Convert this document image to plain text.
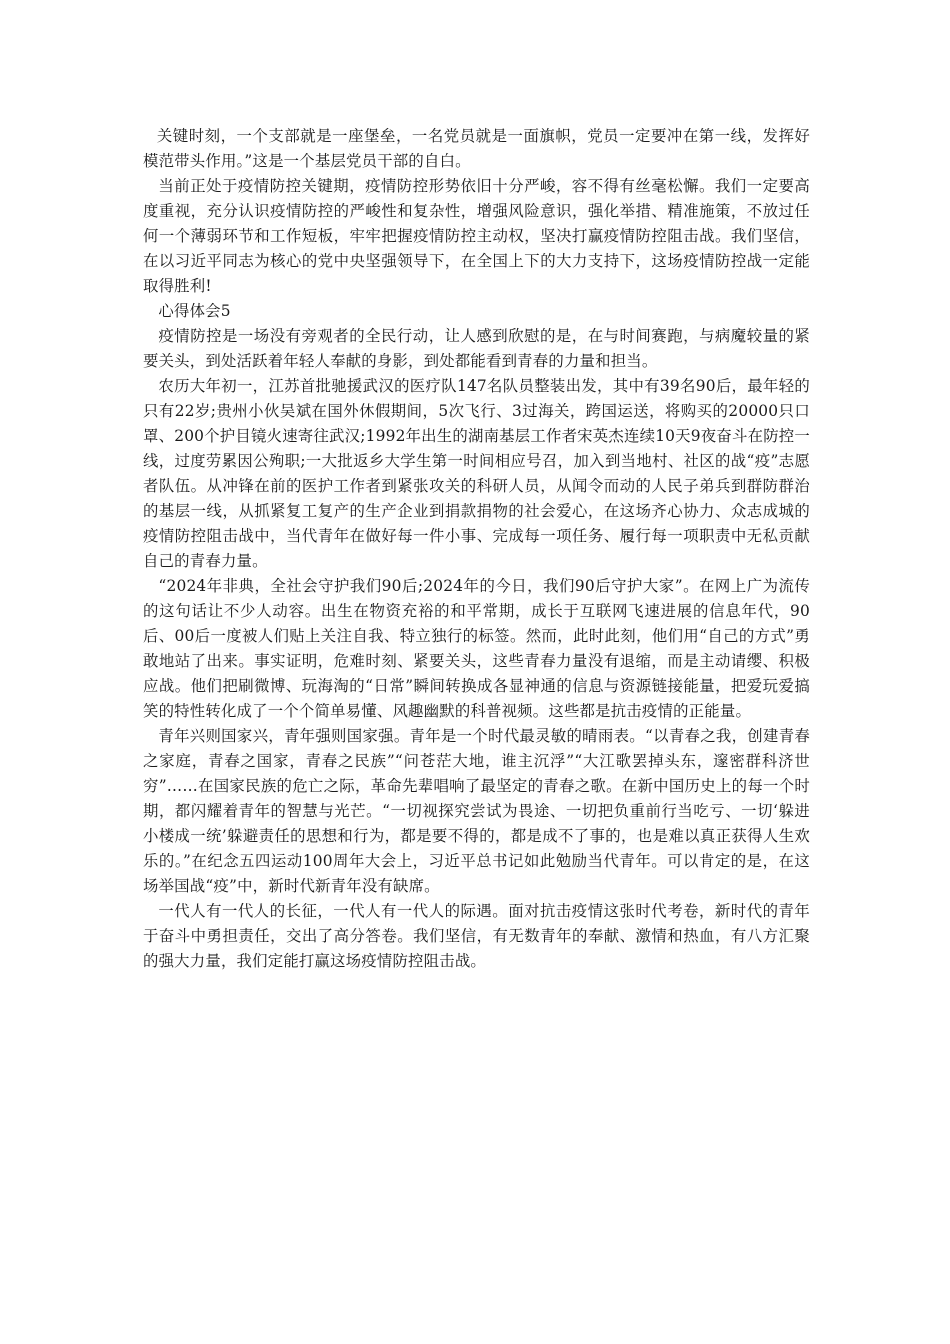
关键时刻，一个支部就是一座堡垒，一名党员就是一面旗帜，党员一定要冲在第一线，发挥好模范带头作用。”这是一个基层党员干部的自白。

当前正处于疫情防控关键期，疫情防控形势依旧十分严峻，容不得有丝毫松懈。我们一定要高度重视，充分认识疫情防控的严峻性和复杂性，增强风险意识，强化举措、精准施策，不放过任何一个薄弱环节和工作短板，牢牢把握疫情防控主动权，坚决打赢疫情防控阻击战。我们坚信，在以习近平同志为核心的党中央坚强领导下，在全国上下的大力支持下，这场疫情防控战一定能取得胜利!

心得体会5

疫情防控是一场没有旁观者的全民行动，让人感到欣慰的是，在与时间赛跑，与病魔较量的紧要关头，到处活跃着年轻人奉献的身影，到处都能看到青春的力量和担当。

农历大年初一，江苏首批驰援武汉的医疗队147名队员整装出发，其中有39名90后，最年轻的只有22岁;贵州小伙吴斌在国外休假期间，5次飞行、3过海关，跨国运送，将购买的20000只口罩、200个护目镜火速寄往武汉;1992年出生的湖南基层工作者宋英杰连续10天9夜奋斗在防控一线，过度劳累因公殉职;一大批返乡大学生第一时间相应号召，加入到当地村、社区的战“疫”志愿者队伍。从冲锋在前的医护工作者到紧张攻关的科研人员，从闻令而动的人民子弟兵到群防群治的基层一线，从抓紧复工复产的生产企业到捐款捐物的社会爱心，在这场齐心协力、众志成城的疫情防控阻击战中，当代青年在做好每一件小事、完成每一项任务、履行每一项职责中无私贡献自己的青春力量。

“2024年非典，全社会守护我们90后;2024年的今日，我们90后守护大家”。在网上广为流传的这句话让不少人动容。出生在物资充裕的和平常期，成长于互联网飞速进展的信息年代，90后、00后一度被人们贴上关注自我、特立独行的标签。然而，此时此刻，他们用“自己的方式”勇敢地站了出来。事实证明，危难时刻、紧要关头，这些青春力量没有退缩，而是主动请缨、积极应战。他们把刷微博、玩海淘的“日常”瞬间转换成各显神通的信息与资源链接能量，把爱玩爱搞笑的特性转化成了一个个简单易懂、风趣幽默的科普视频。这些都是抗击疫情的正能量。

青年兴则国家兴，青年强则国家强。青年是一个时代最灵敏的晴雨表。“以青春之我，创建青春之家庭，青春之国家，青春之民族”“问苍茫大地，谁主沉浮”“大江歌罢掉头东，邃密群科济世穷”……在国家民族的危亡之际，革命先辈唱响了最坚定的青春之歌。在新中国历史上的每一个时期，都闪耀着青年的智慧与光芒。“一切视探究尝试为畏途、一切把负重前行当吃亏、一切‘躲进小楼成一统’躲避责任的思想和行为，都是要不得的，都是成不了事的，也是难以真正获得人生欢乐的。”在纪念五四运动100周年大会上，习近平总书记如此勉励当代青年。可以肯定的是，在这场举国战“疫”中，新时代新青年没有缺席。

一代人有一代人的长征，一代人有一代人的际遇。面对抗击疫情这张时代考卷，新时代的青年于奋斗中勇担责任，交出了高分答卷。我们坚信，有无数青年的奉献、激情和热血，有八方汇聚的强大力量，我们定能打赢这场疫情防控阻击战。
